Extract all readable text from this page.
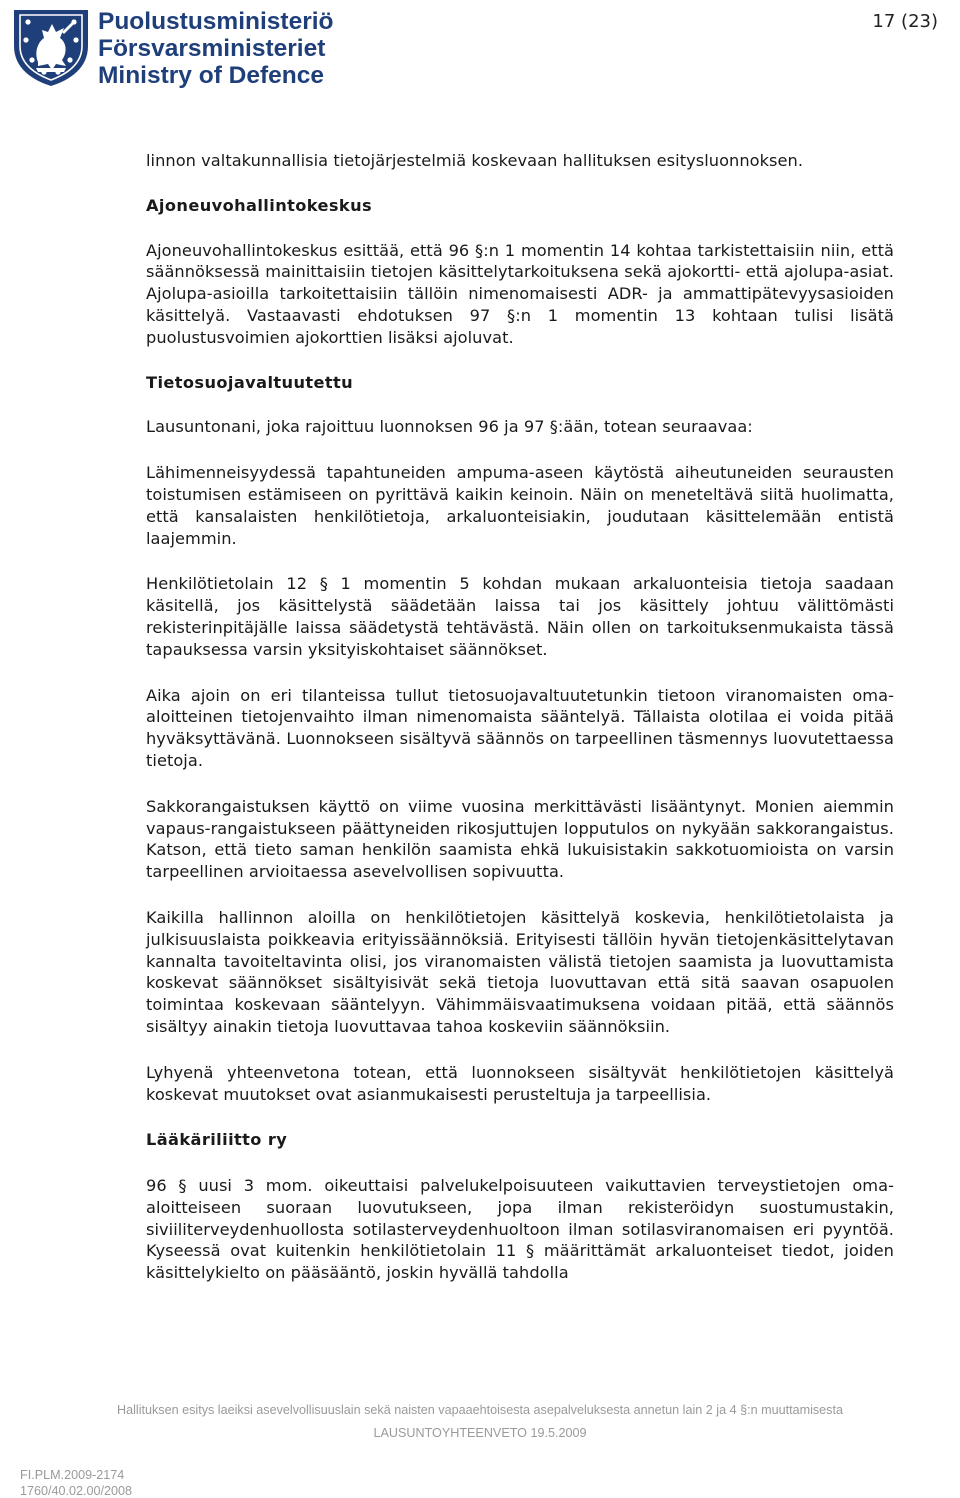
Puolustusministeriö
Försvarsministeriet
Ministry of Defence
17 (23)

linnon valtakunnallisia tietojärjestelmiä koskevaan hallituksen esitysluonnoksen.

Ajoneuvohallintokeskus

Ajoneuvohallintokeskus esittää, että 96 §:n 1 momentin 14 kohtaa tarkistettaisiin niin, että säännöksessä mainittaisiin tietojen käsittelytarkoituksena sekä ajokortti- että ajolupa-asiat. Ajolupa-asioilla tarkoitettaisiin tällöin nimenomaisesti ADR- ja ammattipätevyysasioiden käsittelyä. Vastaavasti ehdotuksen 97 §:n 1 momentin 13 kohtaan tulisi lisätä puolustusvoimien ajokorttien lisäksi ajoluvat.

Tietosuojavaltuutettu

Lausuntonani, joka rajoittuu luonnoksen 96 ja 97 §:ään, totean seuraavaa:

Lähimenneisyydessä tapahtuneiden ampuma-aseen käytöstä aiheutuneiden seurausten toistumisen estämiseen on pyrittävä kaikin keinoin. Näin on meneteltävä siitä huolimatta, että kansalaisten henkilötietoja, arkaluonteisiakin, joudutaan käsittelemään entistä laajemmin.

Henkilötietolain 12 § 1 momentin 5 kohdan mukaan arkaluonteisia tietoja saadaan käsitellä, jos käsittelystä säädetään laissa tai jos käsittely johtuu välittömästi rekisterinpitäjälle laissa säädetystä tehtävästä. Näin ollen on tarkoituksenmukaista tässä tapauksessa varsin yksityiskohtaiset säännökset.

Aika ajoin on eri tilanteissa tullut tietosuojavaltuutetunkin tietoon viranomaisten oma-aloitteinen tietojenvaihto ilman nimenomaista sääntelyä. Tällaista olotilaa ei voida pitää hyväksyttävänä. Luonnokseen sisältyvä säännös on tarpeellinen täsmennys luovutettaessa tietoja.

Sakkorangaistuksen käyttö on viime vuosina merkittävästi lisääntynyt. Monien aiemmin vapaus-rangaistukseen päättyneiden rikosjuttujen lopputulos on nykyään sakkorangaistus. Katson, että tieto saman henkilön saamista ehkä lukuisistakin sakkotuomioista on varsin tarpeellinen arvioitaessa asevelvollisen sopivuutta.

Kaikilla hallinnon aloilla on henkilötietojen käsittelyä koskevia, henkilötietolaista ja julkisuuslaista poikkeavia erityissäännöksiä. Erityisesti tällöin hyvän tietojenkäsittelytavan kannalta tavoiteltavinta olisi, jos viranomaisten välistä tietojen saamista ja luovuttamista koskevat säännökset sisältyisivät sekä tietoja luovuttavan että sitä saavan osapuolen toimintaa koskevaan sääntelyyn. Vähimmäisvaatimuksena voidaan pitää, että säännös sisältyy ainakin tietoja luovuttavaa tahoa koskeviin säännöksiin.

Lyhyenä yhteenvetona totean, että luonnokseen sisältyvät henkilötietojen käsittelyä koskevat muutokset ovat asianmukaisesti perusteltuja ja tarpeellisia.

Lääkäriliitto ry

96 § uusi 3 mom. oikeuttaisi palvelukelpoisuuteen vaikuttavien terveystietojen oma-aloitteiseen suoraan luovutukseen, jopa ilman rekisteröidyn suostumustakin, siviiliterveydenhuollosta sotilasterveydenhuoltoon ilman sotilasviranomaisen eri pyyntöä. Kyseessä ovat kuitenkin henkilötietolain 11 § määrittämät arkaluonteiset tiedot, joiden käsittelykielto on pääsääntö, joskin hyvällä tahdolla

Hallituksen esitys laeiksi asevelvollisuuslain sekä naisten vapaaehtoisesta asepalveluksesta annetun lain 2 ja 4 §:n muuttamisesta
LAUSUNTOYHTEENVETO 19.5.2009
FI.PLM.2009-2174
1760/40.02.00/2008
